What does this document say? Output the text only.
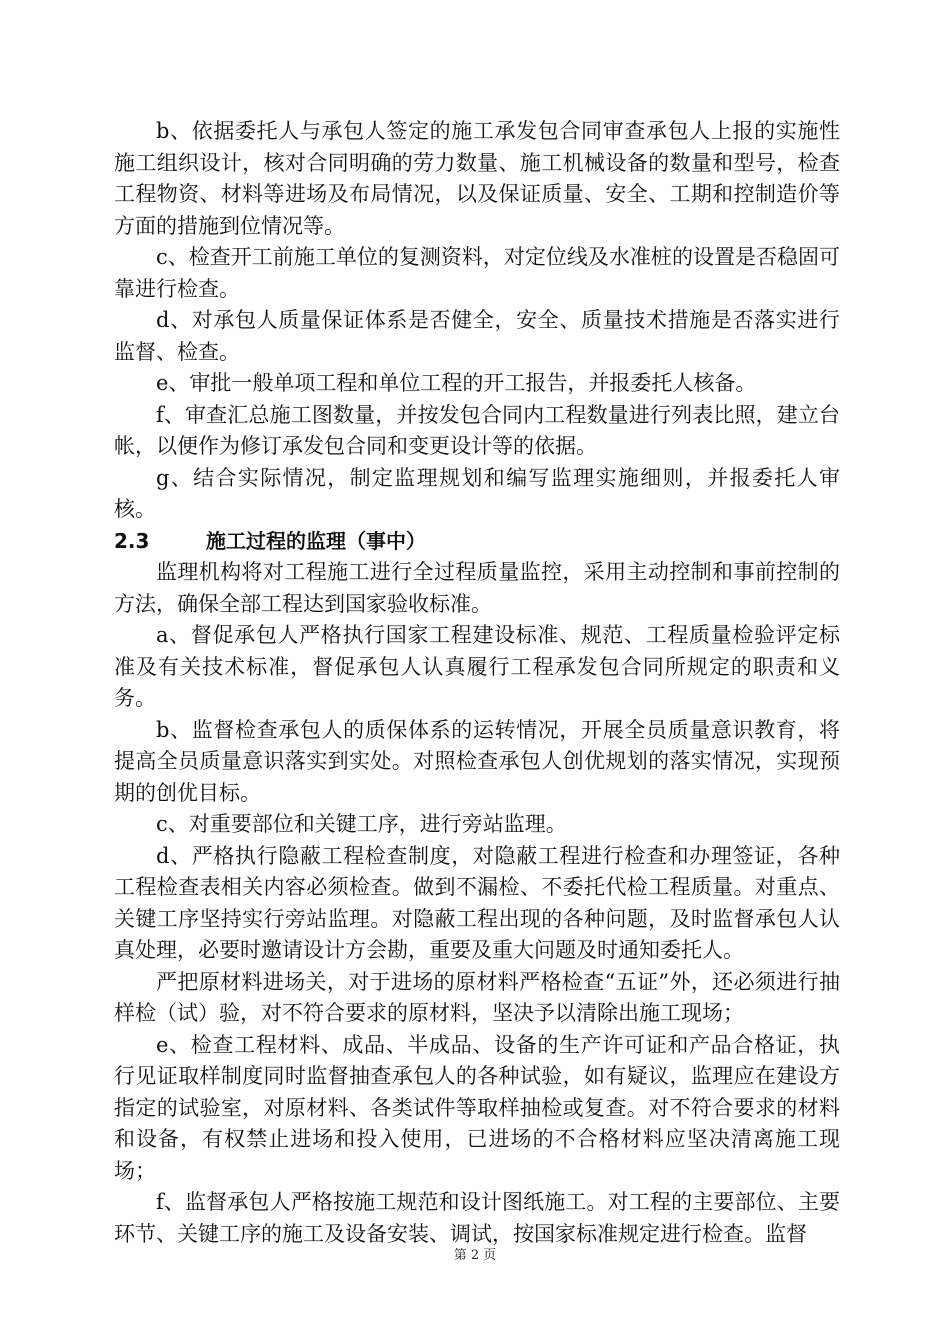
b、依据委托人与承包人签定的施工承发包合同审查承包人上报的实施性施工组织设计，核对合同明确的劳力数量、施工机械设备的数量和型号，检查工程物资、材料等进场及布局情况，以及保证质量、安全、工期和控制造价等方面的措施到位情况等。

c、检查开工前施工单位的复测资料，对定位线及水准桩的设置是否稳固可靠进行检查。

d、对承包人质量保证体系是否健全，安全、质量技术措施是否落实进行监督、检查。

e、审批一般单项工程和单位工程的开工报告，并报委托人核备。

f、审查汇总施工图数量，并按发包合同内工程数量进行列表比照，建立台帐，以便作为修订承发包合同和变更设计等的依据。

g、结合实际情况，制定监理规划和编写监理实施细则，并报委托人审核。

2.3	施工过程的监理（事中）

监理机构将对工程施工进行全过程质量监控，采用主动控制和事前控制的方法，确保全部工程达到国家验收标准。

a、督促承包人严格执行国家工程建设标准、规范、工程质量检验评定标准及有关技术标准，督促承包人认真履行工程承发包合同所规定的职责和义务。

b、监督检查承包人的质保体系的运转情况，开展全员质量意识教育，将提高全员质量意识落实到实处。对照检查承包人创优规划的落实情况，实现预期的创优目标。

c、对重要部位和关键工序，进行旁站监理。

d、严格执行隐蔽工程检查制度，对隐蔽工程进行检查和办理签证，各种工程检查表相关内容必须检查。做到不漏检、不委托代检工程质量。对重点、关键工序坚持实行旁站监理。对隐蔽工程出现的各种问题，及时监督承包人认真处理，必要时邀请设计方会勘，重要及重大问题及时通知委托人。

严把原材料进场关，对于进场的原材料严格检查“五证”外，还必须进行抽样检（试）验，对不符合要求的原材料，坚决予以清除出施工现场；

e、检查工程材料、成品、半成品、设备的生产许可证和产品合格证，执行见证取样制度同时监督抽查承包人的各种试验，如有疑议，监理应在建设方指定的试验室，对原材料、各类试件等取样抽检或复查。对不符合要求的材料和设备，有权禁止进场和投入使用，已进场的不合格材料应坚决清离施工现场；

f、监督承包人严格按施工规范和设计图纸施工。对工程的主要部位、主要环节、关键工序的施工及设备安装、调试，按国家标准规定进行检查。监督

第 2 页
